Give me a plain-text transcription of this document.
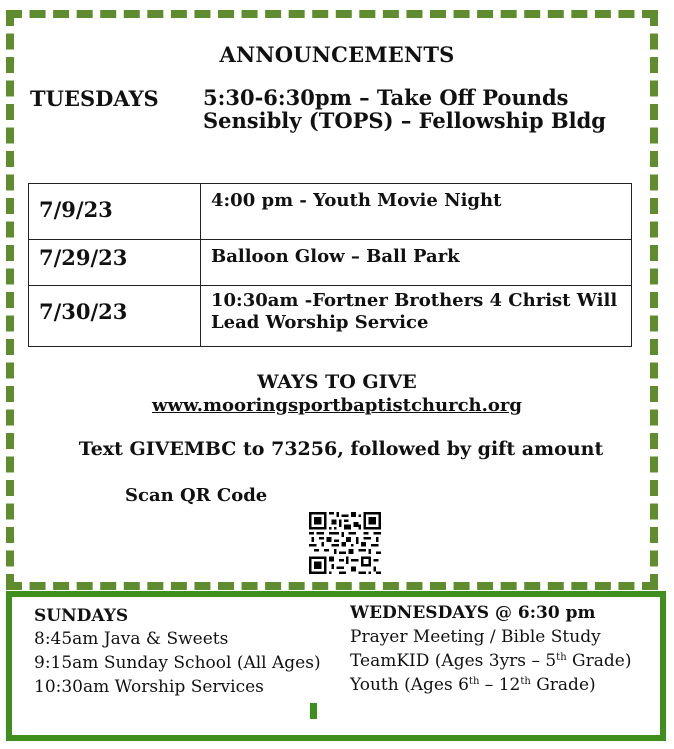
ANNOUNCEMENTS
TUESDAYS 5:30-6:30pm – Take Off Pounds
Sensibly (TOPS) – Fellowship Bldg
7/9/23	4:00 pm - Youth Movie Night
7/29/23	Balloon Glow – Ball Park
7/30/23	10:30am -Fortner Brothers 4 Christ Will
Lead Worship Service
WAYS TO GIVE
www.mooringsportbaptistchurch.org
Text GIVEMBC to 73256, followed by gift amount
Scan QR Code
SUNDAYS
8:45am Java & Sweets
9:15am Sunday School (All Ages)
10:30am Worship Services
WEDNESDAYS @ 6:30 pm
Prayer Meeting / Bible Study
TeamKID (Ages 3yrs – 5th Grade)
Youth (Ages 6th – 12th Grade)
